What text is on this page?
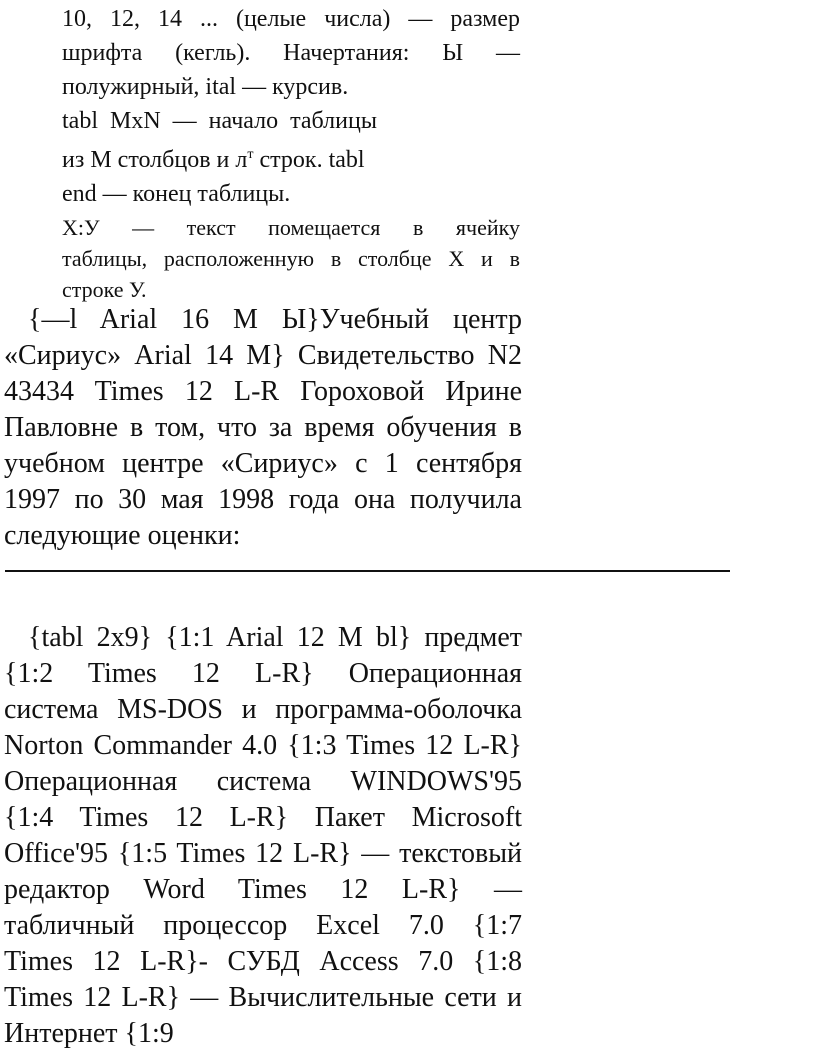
10, 12, 14 ... (целые числа) — размер
шрифта (кегль). Начертания: Ы —
полужирный, ital — курсив.
tabl MxN — начало таблицы
из М столбцов и $л^т$ строк. tabl
end — конец таблицы.
Х:У — текст помещается в ячейку
таблицы, расположенную в столбце X и в
строке У.
{—l Arial 16 M Ы}Учебный центр
«Сириус» Arial 14 M} Свидетельство N2
43434 Times 12 L-R Гороховой Ирине
Павловне в том, что за время обучения в
учебном центре «Сириус» с 1 сентября
1997 по 30 мая 1998 года она получила
следующие оценки:
{tabl 2x9} {1:1 Arial 12 M bl} предмет
{1:2 Times 12 L-R} Операционная
система MS-DOS и программа-оболочка
Norton Commander 4.0 {1:3 Times 12 L-R}
Операционная система WINDOWS'95
{1:4 Times 12 L-R} Пакет Microsoft
Office'95 {1:5 Times 12 L-R} — текстовый
редактор Word Times 12 L-R} —
табличный процессор Excel 7.0 {1:7
Times 12 L-R}- СУБД Access 7.0 {1:8
Times 12 L-R} — Вычислительные сети и
Интернет {1:9
